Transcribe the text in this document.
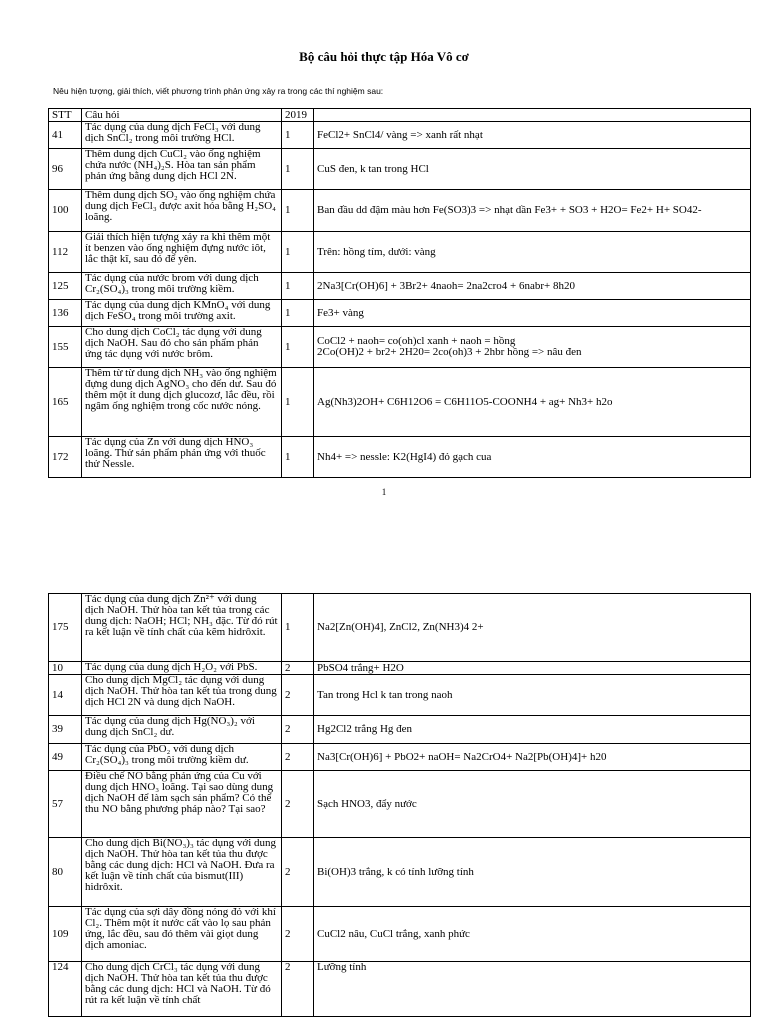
Bộ câu hỏi thực tập Hóa Vô cơ
Nêu hiện tượng, giải thích, viết phương trình phản ứng xảy ra trong các thí nghiệm sau:
STT	Câu hỏi	2019	
41	Tác dụng của dung dịch FeCl₃ với dung dịch SnCl₂ trong môi trường HCl.	1	FeCl2+ SnCl4/ vàng => xanh rất nhạt
96	Thêm dung dịch CuCl₂ vào ống nghiệm chứa nước (NH₄)₂S. Hòa tan sản phẩm phản ứng bằng dung dịch HCl 2N.	1	CuS đen, k tan trong HCl
100	Thêm dung dịch SO₂ vào ống nghiệm chứa dung dịch FeCl₃ được axit hóa bằng H₂SO₄ loãng.	1	Ban đầu dd đậm màu hơn Fe(SO3)3 => nhạt dần Fe3+ + SO3 + H2O= Fe2+ H+ SO42-
112	Giải thích hiện tượng xảy ra khi thêm một ít benzen vào ống nghiệm đựng nước iôt, lắc thật kĩ, sau đó để yên.	1	Trên: hồng tím, dưới: vàng
125	Tác dụng của nước brom với dung dịch Cr₂(SO₄)₃ trong môi trường kiềm.	1	2Na3[Cr(OH)6] + 3Br2+ 4naoh= 2na2cro4 + 6nabr+ 8h20
136	Tác dụng của dung dịch KMnO₄ với dung dịch FeSO₄ trong môi trường axit.	1	Fe3+ vàng
155	Cho dung dịch CoCl₂ tác dụng với dung dịch NaOH. Sau đó cho sản phẩm phản ứng tác dụng với nước brôm.	1	CoCl2 + naoh= co(oh)cl xanh + naoh = hồng
2Co(OH)2 + br2+ 2H20= 2co(oh)3 + 2hbr hồng => nâu đen

165	Thêm từ từ dung dịch NH₃ vào ống nghiệm đựng dung dịch AgNO₃ cho đến dư. Sau đó thêm một ít dung dịch glucozơ, lắc đều, rồi ngâm ống nghiệm trong cốc nước nóng.	1	Ag(Nh3)2OH+ C6H12O6 = C6H11O5-COONH4 + ag+ Nh3+ h2o
172	Tác dụng của Zn với dung dịch HNO₃ loãng. Thử sản phẩm phản ứng với thuốc thử Nessle.	1	Nh4+ => nessle: K2(HgI4) đỏ gạch cua
1
175	Tác dụng của dung dịch Zn²⁺ với dung dịch NaOH. Thử hòa tan kết tủa trong các dung dịch: NaOH; HCl; NH₃ đặc. Từ đó rút ra kết luận về tính chất của kẽm hidrôxit.	1	Na2[Zn(OH)4], ZnCl2, Zn(NH3)4 2+
10	Tác dụng của dung dịch H₂O₂ với PbS.	2	PbSO4 trắng+ H2O
14	Cho dung dịch MgCl₂ tác dụng với dung dịch NaOH. Thử hòa tan kết tủa trong dung dịch HCl 2N và dung dịch NaOH.	2	Tan trong Hcl k tan trong naoh
39	Tác dụng của dung dịch Hg(NO₃)₂ với dung dịch SnCl₂ dư.	2	Hg2Cl2 trắng Hg đen
49	Tác dụng của PbO₂ với dung dịch Cr₂(SO₄)₃ trong môi trường kiềm dư.	2	Na3[Cr(OH)6] + PbO2+ naOH= Na2CrO4+ Na2[Pb(OH)4]+ h20
57	Điều chế NO bằng phản ứng của Cu với dung dịch HNO₃ loãng. Tại sao dùng dung dịch NaOH để làm sạch sản phẩm? Có thể thu NO bằng phương pháp nào? Tại sao?	2	Sạch HNO3, đẩy nước
80	Cho dung dịch Bi(NO₃)₃ tác dụng với dung dịch NaOH. Thử hòa tan kết tủa thu được bằng các dung dịch: HCl và NaOH. Đưa ra kết luận về tính chất của bismut(III) hidrôxit.	2	Bi(OH)3 trắng, k có tính lưỡng tính
109	Tác dụng của sợi dây đồng nóng đỏ với khí Cl₂. Thêm một ít nước cất vào lọ sau phản ứng, lắc đều, sau đó thêm vài giọt dung dịch amoniac.	2	CuCl2 nâu, CuCl trắng, xanh phức
124	Cho dung dịch CrCl₃ tác dụng với dung dịch NaOH. Thử hòa tan kết tủa thu được bằng các dung dịch: HCl và NaOH. Từ đó rút ra kết luận về tính chất	2	Lưỡng tính
